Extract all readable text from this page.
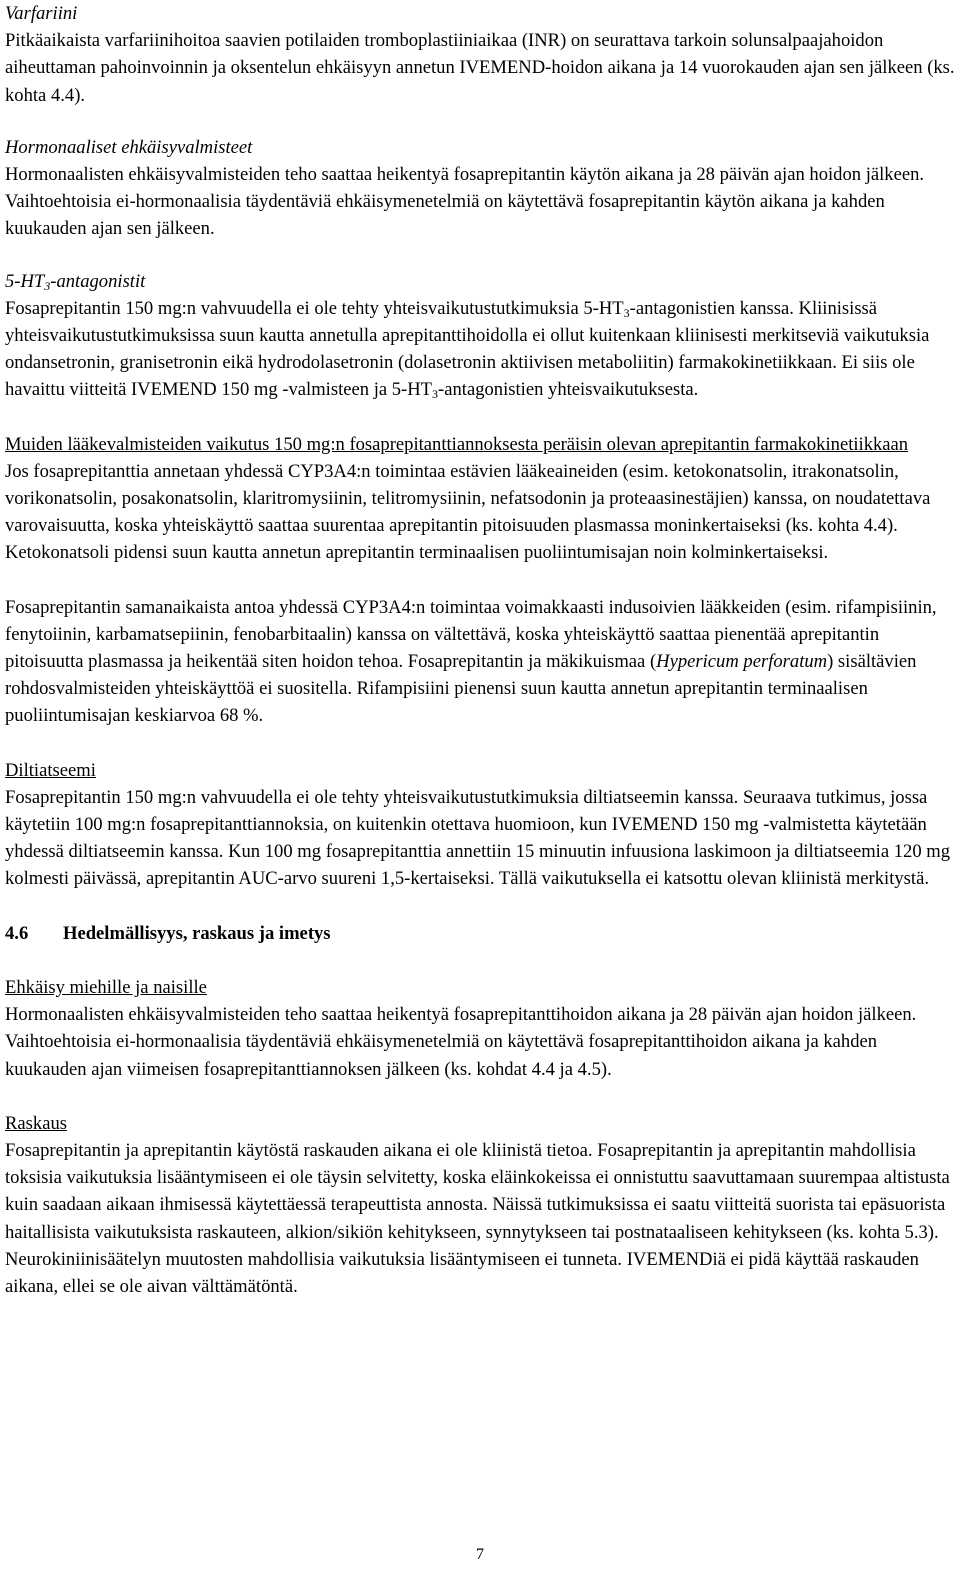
Varfariini

Pitkäaikaista varfariinihoitoa saavien potilaiden tromboplastiiniaikaa (INR) on seurattava tarkoin solunsalpaajahoidon aiheuttaman pahoinvoinnin ja oksentelun ehkäisyyn annetun IVEMEND-hoidon aikana ja 14 vuorokauden ajan sen jälkeen (ks. kohta 4.4).

Hormonaaliset ehkäisyvalmisteet

Hormonaalisten ehkäisyvalmisteiden teho saattaa heikentyä fosaprepitantin käytön aikana ja 28 päivän ajan hoidon jälkeen. Vaihtoehtoisia ei-hormonaalisia täydentäviä ehkäisymenetelmiä on käytettävä fosaprepitantin käytön aikana ja kahden kuukauden ajan sen jälkeen.

$5-HT_3$-antagonistit

Fosaprepitantin 150 mg:n vahvuudella ei ole tehty yhteisvaikutustutkimuksia $5-HT_3$-antagonistien kanssa. Kliinisissä yhteisvaikutustutkimuksissa suun kautta annetulla aprepitanttihoidolla ei ollut kuitenkaan kliinisesti merkitseviä vaikutuksia ondansetronin, granisetronin eikä hydrodolasetronin (dolasetronin aktiivisen metaboliitin) farmakokinetiikkaan. Ei siis ole havaittu viitteitä IVEMEND 150 mg -valmisteen ja $5-HT_3$-antagonistien yhteisvaikutuksesta.

Muiden lääkevalmisteiden vaikutus 150 mg:n fosaprepitanttiannoksesta peräisin olevan aprepitantin farmakokinetiikkaan

Jos fosaprepitanttia annetaan yhdessä CYP3A4:n toimintaa estävien lääkeaineiden (esim. ketokonatsolin, itrakonatsolin, vorikonatsolin, posakonatsolin, klaritromysiinin, telitromysiinin, nefatsodonin ja proteaasinestäjien) kanssa, on noudatettava varovaisuutta, koska yhteiskäyttö saattaa suurentaa aprepitantin pitoisuuden plasmassa moninkertaiseksi (ks. kohta 4.4). Ketokonatsoli pidensi suun kautta annetun aprepitantin terminaalisen puoliintumisajan noin kolminkertaiseksi.

Fosaprepitantin samanaikaista antoa yhdessä CYP3A4:n toimintaa voimakkaasti indusoivien lääkkeiden (esim. rifampisiinin, fenytoiinin, karbamatsepiinin, fenobarbitaalin) kanssa on vältettävä, koska yhteiskäyttö saattaa pienentää aprepitantin pitoisuutta plasmassa ja heikentää siten hoidon tehoa. Fosaprepitantin ja mäkikuismaa (Hypericum perforatum) sisältävien rohdosvalmisteiden yhteiskäyttöä ei suositella. Rifampisiini pienensi suun kautta annetun aprepitantin terminaalisen puoliintumisajan keskiarvoa 68 %.

Diltiatseemi

Fosaprepitantin 150 mg:n vahvuudella ei ole tehty yhteisvaikutustutkimuksia diltiatseemin kanssa. Seuraava tutkimus, jossa käytetiin 100 mg:n fosaprepitanttiannoksia, on kuitenkin otettava huomioon, kun IVEMEND 150 mg -valmistetta käytetään yhdessä diltiatseemin kanssa. Kun 100 mg fosaprepitanttia annettiin 15 minuutin infuusiona laskimoon ja diltiatseemia 120 mg kolmesti päivässä, aprepitantin AUC-arvo suureni 1,5-kertaiseksi. Tällä vaikutuksella ei katsottu olevan kliinistä merkitystä.

4.6 Hedelmällisyys, raskaus ja imetys

Ehkäisy miehille ja naisille

Hormonaalisten ehkäisyvalmisteiden teho saattaa heikentyä fosaprepitanttihoidon aikana ja 28 päivän ajan hoidon jälkeen. Vaihtoehtoisia ei-hormonaalisia täydentäviä ehkäisymenetelmiä on käytettävä fosaprepitanttihoidon aikana ja kahden kuukauden ajan viimeisen fosaprepitanttiannoksen jälkeen (ks. kohdat 4.4 ja 4.5).

Raskaus

Fosaprepitantin ja aprepitantin käytöstä raskauden aikana ei ole kliinistä tietoa. Fosaprepitantin ja aprepitantin mahdollisia toksisia vaikutuksia lisääntymiseen ei ole täysin selvitetty, koska eläinkokeissa ei onnistuttu saavuttamaan suurempaa altistusta kuin saadaan aikaan ihmisessä käytettäessä terapeuttista annosta. Näissä tutkimuksissa ei saatu viitteitä suorista tai epäsuorista haitallisista vaikutuksista raskauteen, alkion/sikiön kehitykseen, synnytykseen tai postnataaliseen kehitykseen (ks. kohta 5.3). Neurokiniinisäätelyn muutosten mahdollisia vaikutuksia lisääntymiseen ei tunneta. IVEMENDiä ei pidä käyttää raskauden aikana, ellei se ole aivan välttämätöntä.

7
